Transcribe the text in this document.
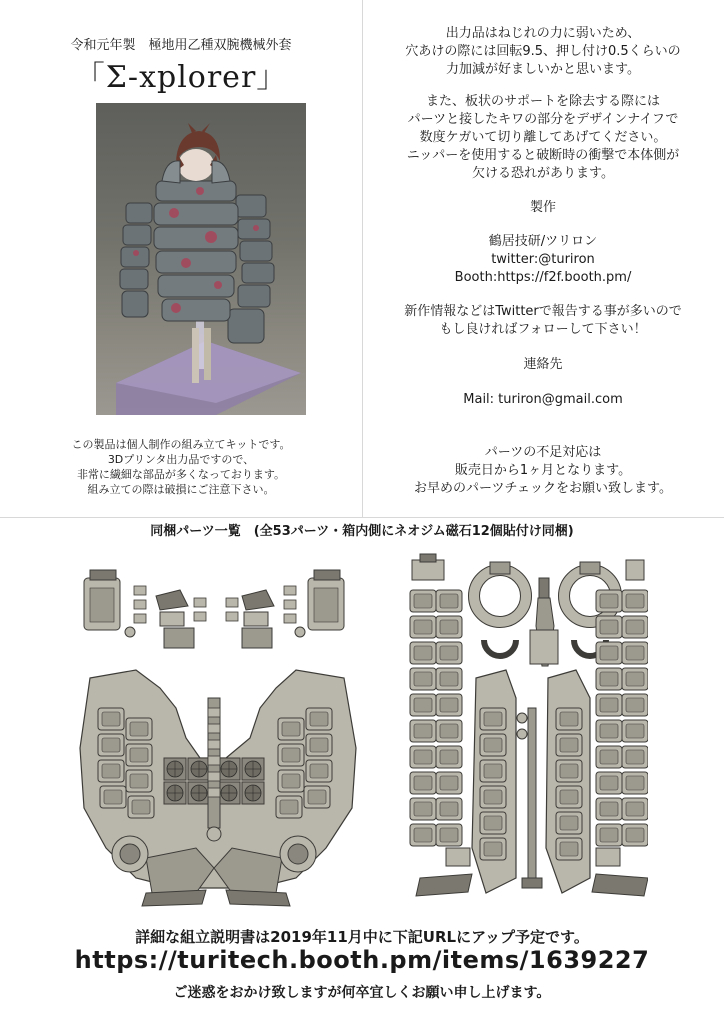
令和元年製　極地用乙種双腕機械外套
「Σ-xplorer」
この製品は個人制作の組み立てキットです。
3Dプリンタ出力品ですので、
非常に繊細な部品が多くなっております。
組み立ての際は破損にご注意下さい。
出力品はねじれの力に弱いため、
穴あけの際には回転9.5、押し付け0.5くらいの
力加減が好ましいかと思います。
また、板状のサポートを除去する際には
パーツと接したキワの部分をデザインナイフで
数度ケガいて切り離してあげてください。
ニッパーを使用すると破断時の衝撃で本体側が
欠ける恐れがあります。
製作
鶴居技研/ツリロン
twitter:@turiron
Booth:https://f2f.booth.pm/
新作情報などはTwitterで報告する事が多いので
もし良ければフォローして下さい！
連絡先
Mail: turiron@gmail.com
パーツの不足対応は
販売日から1ヶ月となります。
お早めのパーツチェックをお願い致します。
同梱パーツ一覧　(全53パーツ・箱内側にネオジム磁石12個貼付け同梱)
詳細な組立説明書は2019年11月中に下記URLにアップ予定です。
https://turitech.booth.pm/items/1639227
ご迷惑をおかけ致しますが何卒宜しくお願い申し上げます。
